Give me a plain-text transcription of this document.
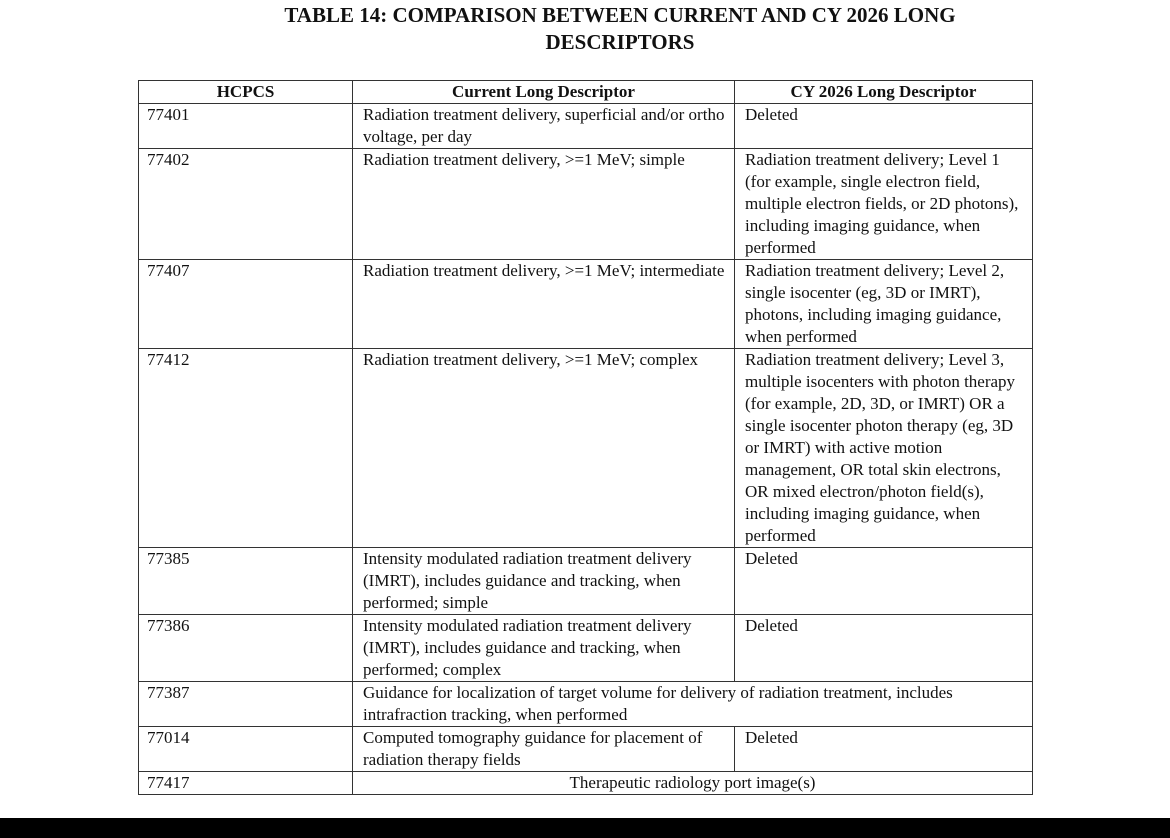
TABLE 14: COMPARISON BETWEEN CURRENT AND CY 2026 LONG
DESCRIPTORS
HCPCS	Current Long Descriptor	CY 2026 Long Descriptor
77401	Radiation treatment delivery, superficial and/or ortho voltage, per day	Deleted
77402	Radiation treatment delivery, >=1 MeV; simple	Radiation treatment delivery; Level 1 (for example, single electron field, multiple electron fields, or 2D photons), including imaging guidance, when performed
77407	Radiation treatment delivery, >=1 MeV; intermediate	Radiation treatment delivery; Level 2, single isocenter (eg, 3D or IMRT), photons, including imaging guidance, when performed
77412	Radiation treatment delivery, >=1 MeV; complex	Radiation treatment delivery; Level 3, multiple isocenters with photon therapy (for example, 2D, 3D, or IMRT) OR a single isocenter photon therapy (eg, 3D or IMRT) with active motion management, OR total skin electrons, OR mixed electron/photon field(s), including imaging guidance, when performed
77385	Intensity modulated radiation treatment delivery (IMRT), includes guidance and tracking, when performed; simple	Deleted
77386	Intensity modulated radiation treatment delivery (IMRT), includes guidance and tracking, when performed; complex	Deleted
77387	Guidance for localization of target volume for delivery of radiation treatment, includes intrafraction tracking, when performed	
77014	Computed tomography guidance for placement of radiation therapy fields	Deleted
77417	Therapeutic radiology port image(s)	
